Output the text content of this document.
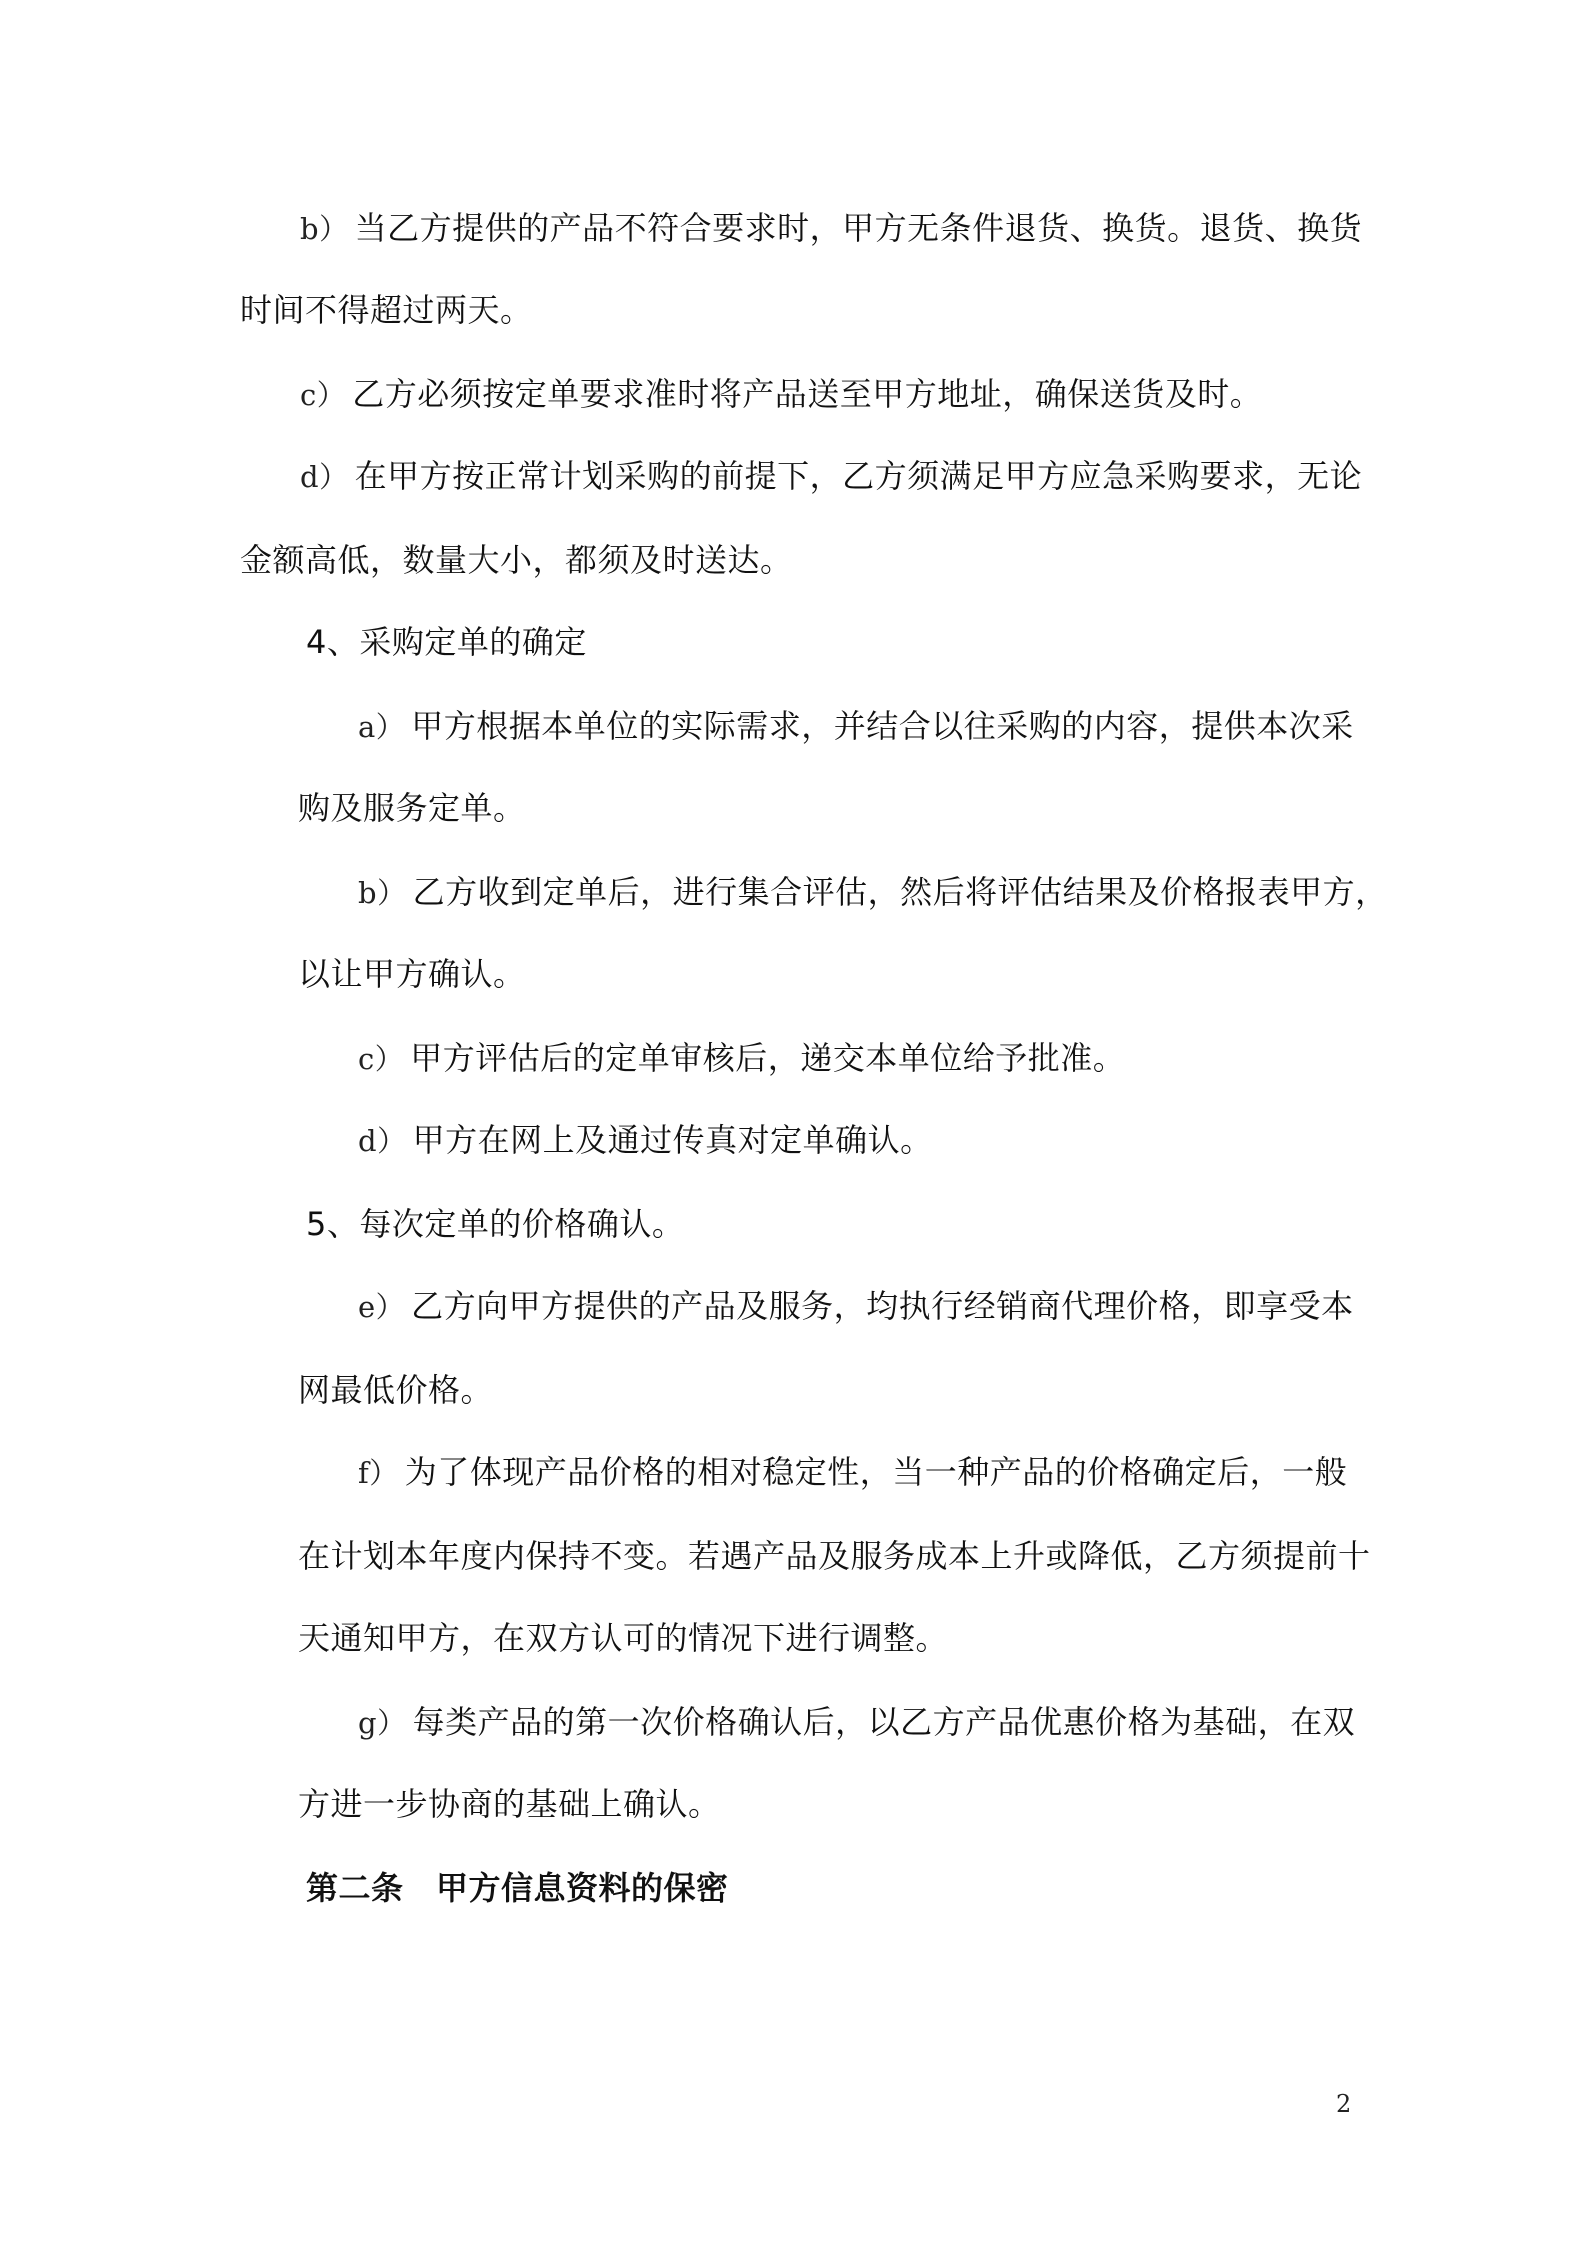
b） 当乙方提供的产品不符合要求时，甲方无条件退货、换货。退货、换货
时间不得超过两天。
c） 乙方必须按定单要求准时将产品送至甲方地址，确保送货及时。
d） 在甲方按正常计划采购的前提下，乙方须满足甲方应急采购要求，无论
金额高低，数量大小，都须及时送达。
4、采购定单的确定
a） 甲方根据本单位的实际需求，并结合以往采购的内容，提供本次采
购及服务定单。
b） 乙方收到定单后，进行集合评估，然后将评估结果及价格报表甲方，
以让甲方确认。
c） 甲方评估后的定单审核后，递交本单位给予批准。
d） 甲方在网上及通过传真对定单确认。
5、每次定单的价格确认。
e） 乙方向甲方提供的产品及服务，均执行经销商代理价格，即享受本
网最低价格。
f） 为了体现产品价格的相对稳定性，当一种产品的价格确定后，一般
在计划本年度内保持不变。若遇产品及服务成本上升或降低，乙方须提前十
天通知甲方，在双方认可的情况下进行调整。
g） 每类产品的第一次价格确认后，以乙方产品优惠价格为基础，在双
方进一步协商的基础上确认。
第二条　甲方信息资料的保密
2
